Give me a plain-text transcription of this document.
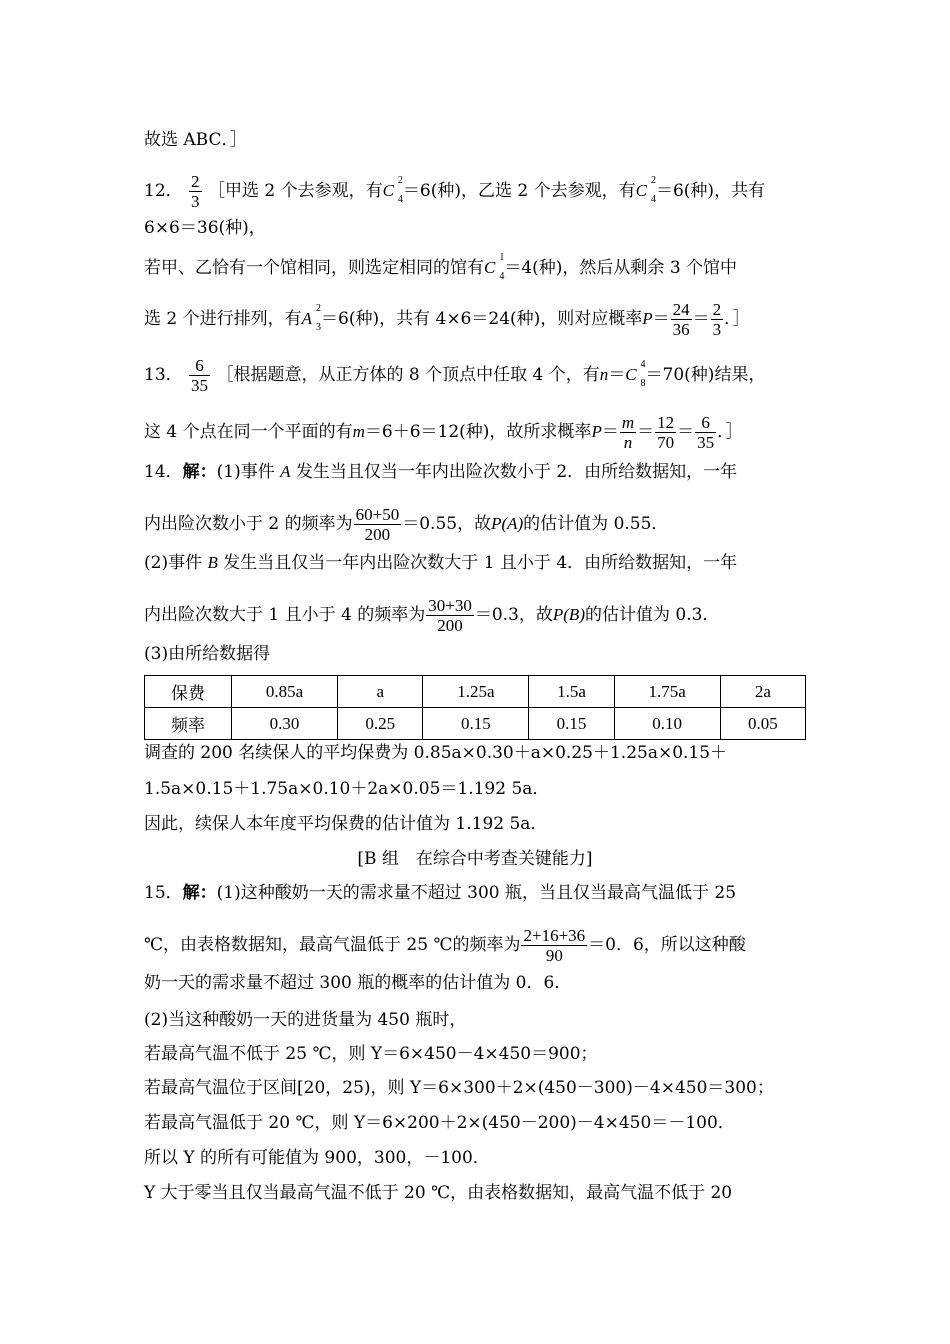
故选 ABC．］
12． $\frac{2}{3}$ ［甲选 2 个去参观，有C
2
4 ＝6(种)，乙选 2 个去参观，有C
2
4 ＝6(种)，共有
6×6＝36(种)，
若甲、乙恰有一个馆相同，则选定相同的馆有C
1
4 ＝4(种)，然后从剩余 3 个馆中
选 2 个进行排列，有A
2
3 ＝6(种)，共有 4×6＝24(种)，则对应概率$P= \frac{24}{36} = \frac{2}{3}$ ．］
13． $\frac{6}{35}$ ［根据题意，从正方体的 8 个顶点中任取 4 个，有n＝C
4
8 ＝70(种)结果，
这 4 个点在同一个平面的有m＝6＋6＝12(种)，故所求概率$P= \frac{m}{n} = \frac{12}{70} = \frac{6}{35}$ ．］
14．解：(1)事件 A 发生当且仅当一年内出险次数小于 2．由所给数据知，一年
内出险次数小于 2 的频率为 $\frac{60+50}{200} =0.55$，故P(A)的估计值为 0.55．
(2)事件 B 发生当且仅当一年内出险次数大于 1 且小于 4．由所给数据知，一年
内出险次数大于 1 且小于 4 的频率为 $\frac{30+30}{200} =0.3$，故P(B)的估计值为 0.3．
(3)由所给数据得
保费	0.85a	a	1.25a	1.5a	1.75a	2a
频率	0.30	0.25	0.15	0.15	0.10	0.05
调查的 200 名续保人的平均保费为 0.85a×0.30＋a×0.25＋1.25a×0.15＋
1.5a×0.15＋1.75a×0.10＋2a×0.05＝1.192 5a．
因此，续保人本年度平均保费的估计值为 1.192 5a．
[B 组　在综合中考查关键能力]
15．解：(1)这种酸奶一天的需求量不超过 300 瓶，当且仅当最高气温低于 25
℃，由表格数据知，最高气温低于 25 ℃的频率为 $\frac{2+16+36}{90} =0$．6，所以这种酸
奶一天的需求量不超过 300 瓶的概率的估计值为 0．6．
(2)当这种酸奶一天的进货量为 450 瓶时，
若最高气温不低于 25 ℃，则 Y＝6×450－4×450＝900；
若最高气温位于区间[20，25)，则 Y＝6×300＋2×(450－300)－4×450＝300；
若最高气温低于 20 ℃，则 Y＝6×200＋2×(450－200)－4×450＝－100．
所以 Y 的所有可能值为 900，300，－100．
Y 大于零当且仅当最高气温不低于 20 ℃，由表格数据知，最高气温不低于 20
